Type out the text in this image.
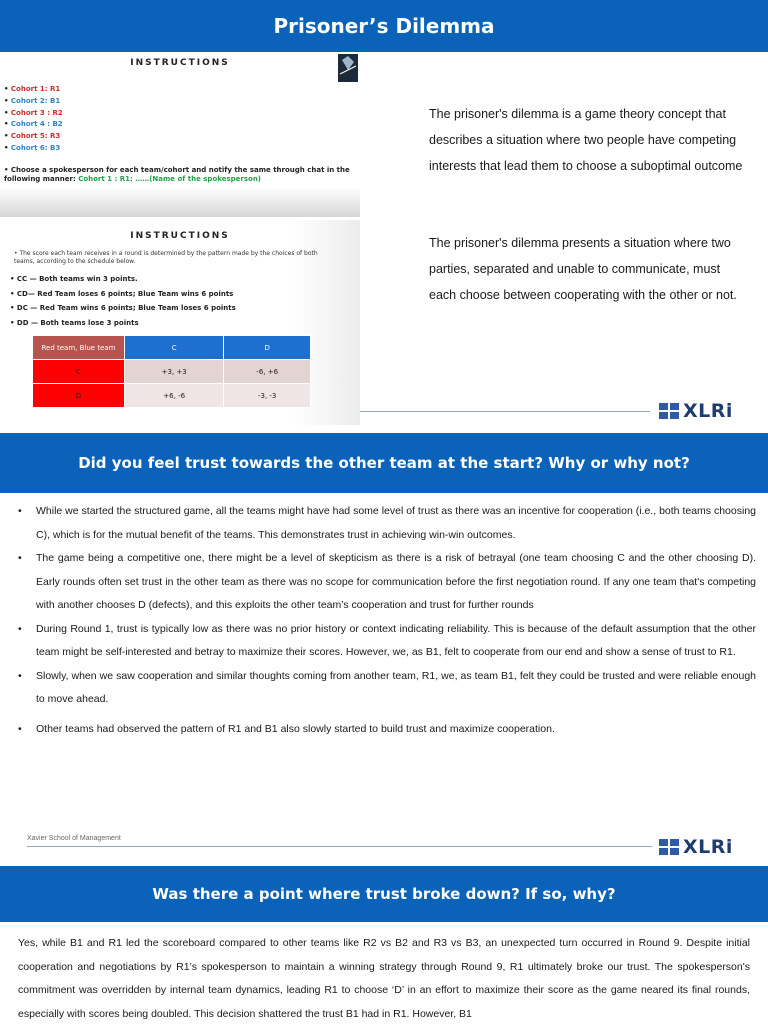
Prisoner’s Dilemma
INSTRUCTIONS
• Cohort 1: R1
• Cohort 2: B1
• Cohort 3 : R2
• Cohort 4 : B2
• Cohort 5: R3
• Cohort 6: B3
• Choose a spokesperson for each team/cohort and notify the same through chat in the following manner: Cohort 1 : R1: ……(Name of the spokesperson)
INSTRUCTIONS
• The score each team receives in a round is determined by the pattern made by the choices of both teams, according to the schedule below.
• CC — Both teams win 3 points.
• CD— Red Team loses 6 points; Blue Team wins 6 points
• DC — Red Team wins 6 points; Blue Team loses 6 points
• DD — Both teams lose 3 points
Red team, Blue team	C	D
C	+3, +3	-6, +6
D	+6, -6	-3, -3

The prisoner's dilemma is a game theory concept that describes a situation where two people have competing interests that lead them to choose a suboptimal outcome

The prisoner's dilemma presents a situation where two parties, separated and unable to communicate, must each choose between cooperating with the other or not.

XLRi
Did you feel trust towards the other team at the start? Why or why not?
• While we started the structured game, all the teams might have had some level of trust as there was an incentive for cooperation (i.e., both teams choosing C), which is for the mutual benefit of the teams. This demonstrates trust in achieving win-win outcomes.
• The game being a competitive one, there might be a level of skepticism as there is a risk of betrayal (one team choosing C and the other choosing D). Early rounds often set trust in the other team as there was no scope for communication before the first negotiation round. If any one team that's competing with another chooses D (defects), and this exploits the other team’s cooperation and trust for further rounds
• During Round 1, trust is typically low as there was no prior history or context indicating reliability. This is because of the default assumption that the other team might be self-interested and betray to maximize their scores. However, we, as B1, felt to cooperate from our end and show a sense of trust to R1.
• Slowly, when we saw cooperation and similar thoughts coming from another team, R1, we, as team B1, felt they could be trusted and were reliable enough to move ahead.
• Other teams had observed the pattern of R1 and B1 also slowly started to build trust and maximize cooperation.
Xavier School of Management	XLRi
Was there a point where trust broke down? If so, why?

Yes, while B1 and R1 led the scoreboard compared to other teams like R2 vs B2 and R3 vs B3, an unexpected turn occurred in Round 9. Despite initial cooperation and negotiations by R1’s spokesperson to maintain a winning strategy through Round 9, R1 ultimately broke our trust. The spokesperson's commitment was overridden by internal team dynamics, leading R1 to choose ‘D’ in an effort to maximize their score as the game neared its final rounds, especially with scores being doubled. This decision shattered the trust B1 had in R1. However, B1
